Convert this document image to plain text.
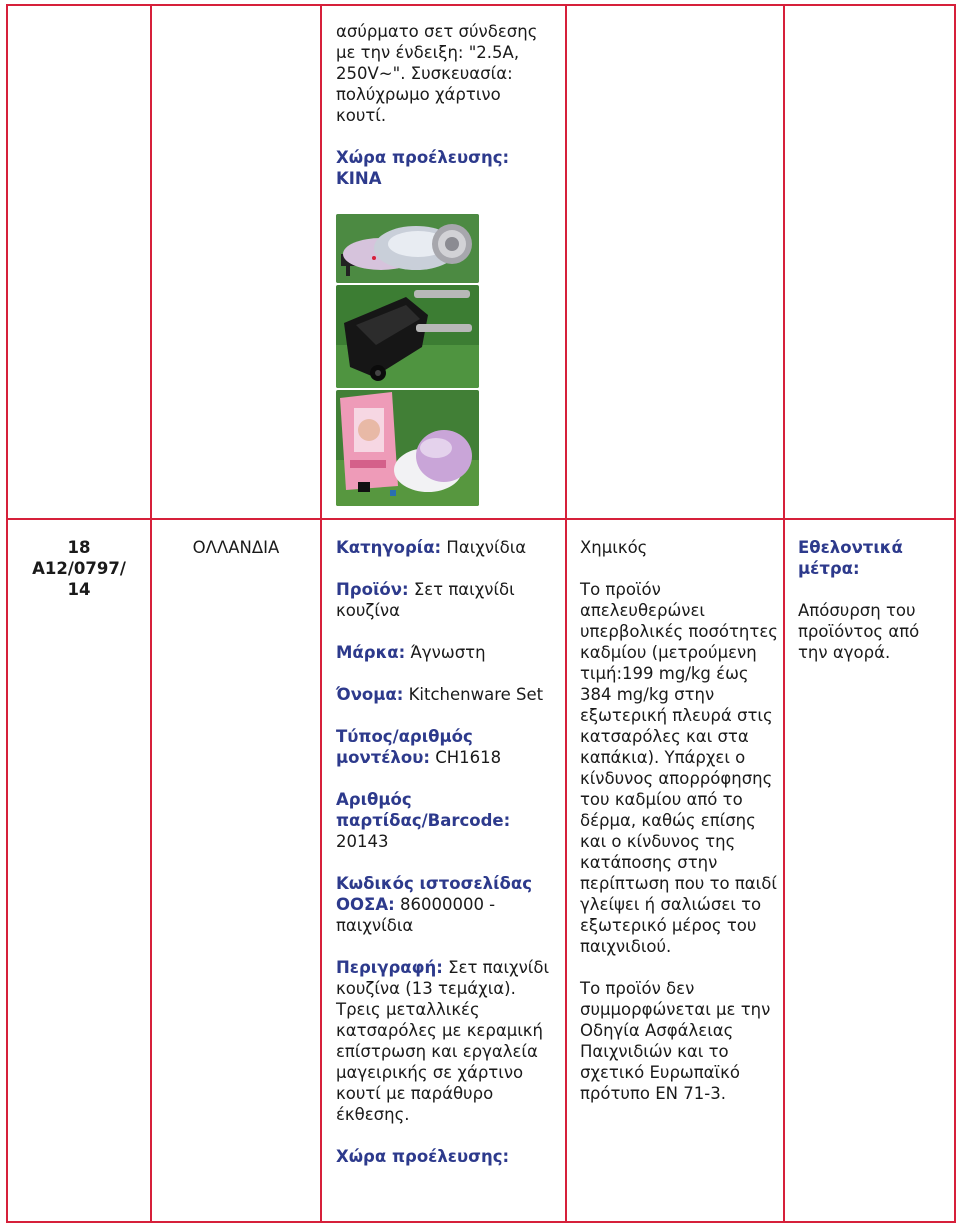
ασύρματο σετ σύνδεσης με την ένδειξη: "2.5A, 250V~". Συσκευασία: πολύχρωμο χάρτινο κουτί.

Χώρα προέλευσης:
ΚΙΝΑ
18
A12/0797/
14
ΟΛΛΑΝΔΙΑ	Κατηγορία: Παιχνίδια

Προϊόν: Σετ παιχνίδι κουζίνα

Μάρκα: Άγνωστη

Όνομα: Kitchenware Set

Τύπος/αριθμός μοντέλου: CH1618

Αριθμός παρτίδας/Barcode: 20143

Κωδικός ιστοσελίδας ΟΟΣΑ: 86000000 - παιχνίδια

Περιγραφή: Σετ παιχνίδι κουζίνα (13 τεμάχια). Τρεις μεταλλικές κατσαρόλες με κεραμική επίστρωση και εργαλεία μαγειρικής σε χάρτινο κουτί με παράθυρο έκθεσης.

Χώρα προέλευσης:

Χημικός

Το προϊόν απελευθερώνει υπερβολικές ποσότητες καδμίου (μετρούμενη τιμή:199 mg/kg έως 384 mg/kg στην εξωτερική πλευρά στις κατσαρόλες και στα καπάκια). Υπάρχει ο κίνδυνος απορρόφησης του καδμίου από το δέρμα, καθώς επίσης και ο κίνδυνος της κατάποσης στην περίπτωση που το παιδί γλείψει ή σαλιώσει το εξωτερικό μέρος του παιχνιδιού.

Το προϊόν δεν συμμορφώνεται με την Οδηγία Ασφάλειας Παιχνιδιών και το σχετικό Ευρωπαϊκό πρότυπο EN 71-3.

Εθελοντικά μέτρα:

Απόσυρση του προϊόντος από την αγορά.
